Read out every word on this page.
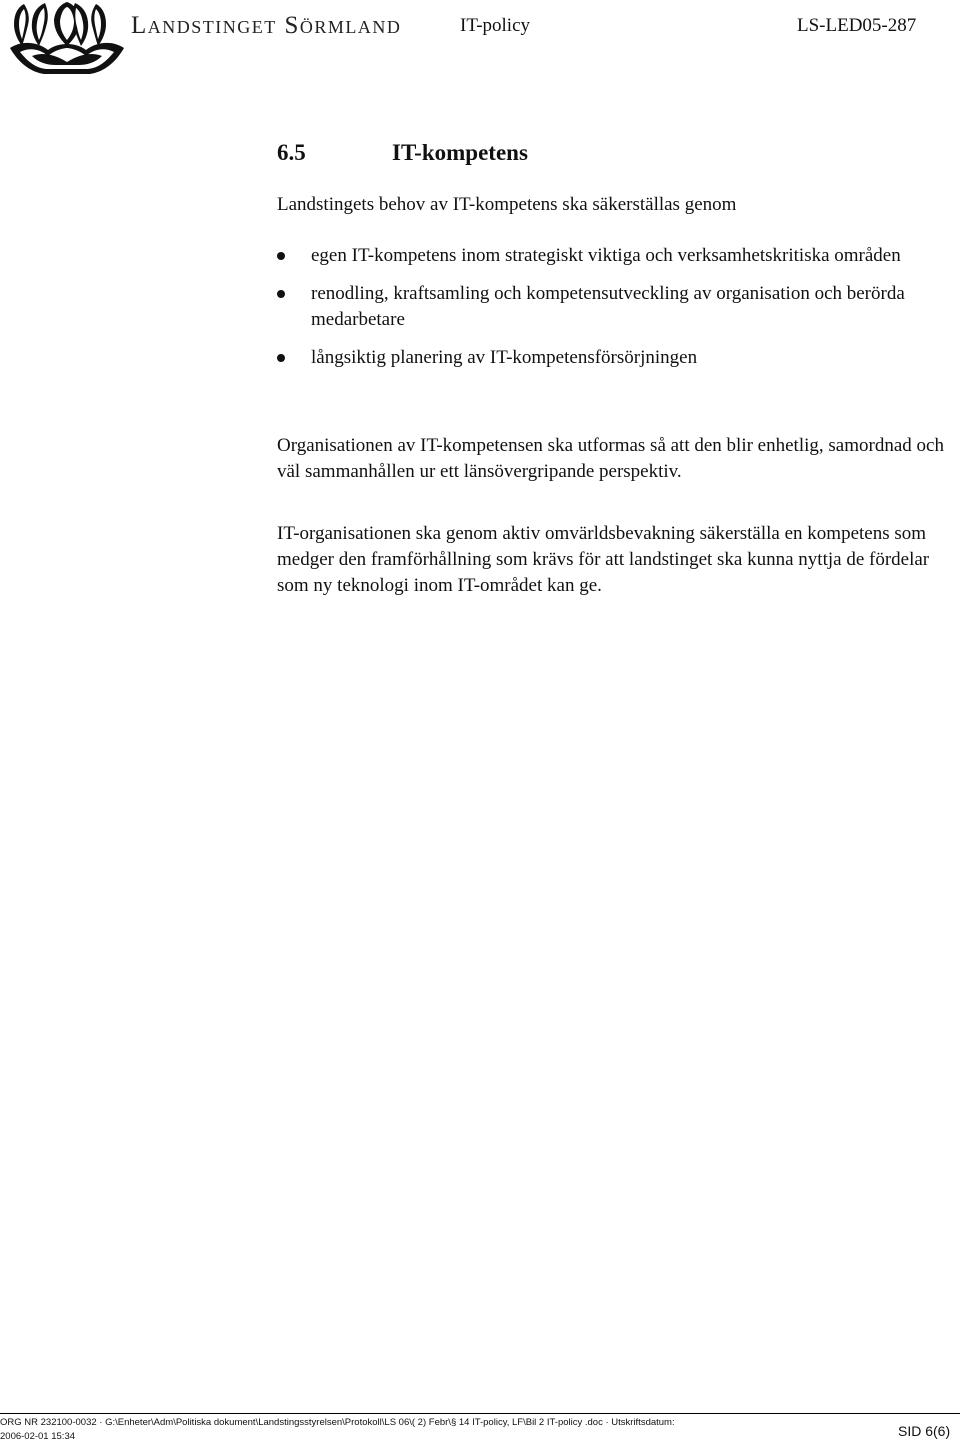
Landstinget Sörmland	IT-policy	LS-LED05-287
6.5	IT-kompetens

Landstingets behov av IT-kompetens ska säkerställas genom

egen IT-kompetens inom strategiskt viktiga och verksamhetskritiska områden
renodling, kraftsamling och kompetensutveckling av organisation och berörda medarbetare
långsiktig planering av IT-kompetensförsörjningen

Organisationen av IT-kompetensen ska utformas så att den blir enhetlig, samordnad och väl sammanhållen ur ett länsövergripande perspektiv.

IT-organisationen ska genom aktiv omvärldsbevakning säkerställa en kompetens som medger den framförhållning som krävs för att landstinget ska kunna nyttja de fördelar som ny teknologi inom IT-området kan ge.

ORG NR 232100-0032 · G:\Enheter\Adm\Politiska dokument\Landstingsstyrelsen\Protokoll\LS 06\( 2) Febr\§ 14 IT-policy, LF\Bil 2 IT-policy .doc · Utskriftsdatum: 2006-02-01 15:34	SID 6(6)
